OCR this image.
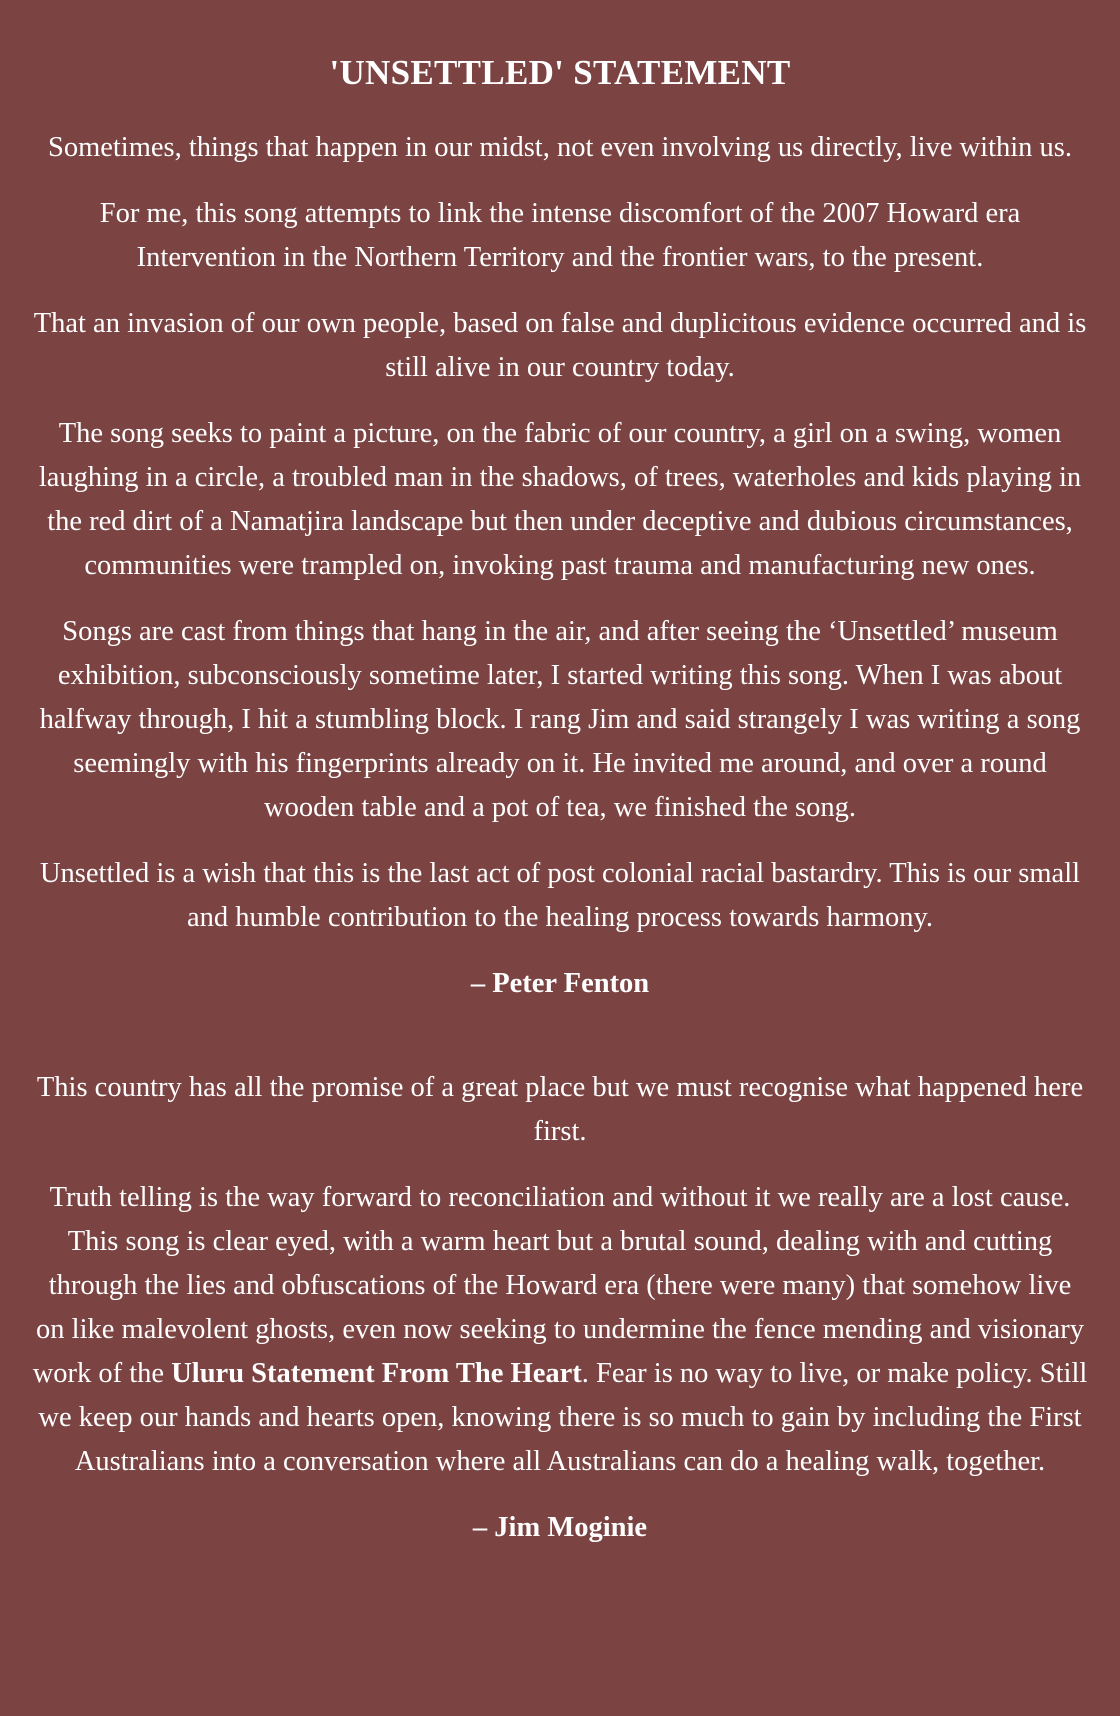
'UNSETTLED' STATEMENT

Sometimes, things that happen in our midst, not even involving us directly, live within us.

For me, this song attempts to link the intense discomfort of the 2007 Howard era Intervention in the Northern Territory and the frontier wars, to the present.

That an invasion of our own people, based on false and duplicitous evidence occurred and is still alive in our country today.

The song seeks to paint a picture, on the fabric of our country, a girl on a swing, women laughing in a circle, a troubled man in the shadows, of trees, waterholes and kids playing in the red dirt of a Namatjira landscape but then under deceptive and dubious circumstances, communities were trampled on, invoking past trauma and manufacturing new ones.

Songs are cast from things that hang in the air, and after seeing the ‘Unsettled’ museum exhibition, subconsciously sometime later, I started writing this song. When I was about halfway through, I hit a stumbling block. I rang Jim and said strangely I was writing a song seemingly with his fingerprints already on it. He invited me around, and over a round wooden table and a pot of tea, we finished the song.

Unsettled is a wish that this is the last act of post colonial racial bastardry. This is our small and humble contribution to the healing process towards harmony.

– Peter Fenton

This country has all the promise of a great place but we must recognise what happened here first.

Truth telling is the way forward to reconciliation and without it we really are a lost cause. This song is clear eyed, with a warm heart but a brutal sound, dealing with and cutting through the lies and obfuscations of the Howard era (there were many) that somehow live on like malevolent ghosts, even now seeking to undermine the fence mending and visionary work of the Uluru Statement From The Heart. Fear is no way to live, or make policy. Still we keep our hands and hearts open, knowing there is so much to gain by including the First Australians into a conversation where all Australians can do a healing walk, together.

– Jim Moginie
